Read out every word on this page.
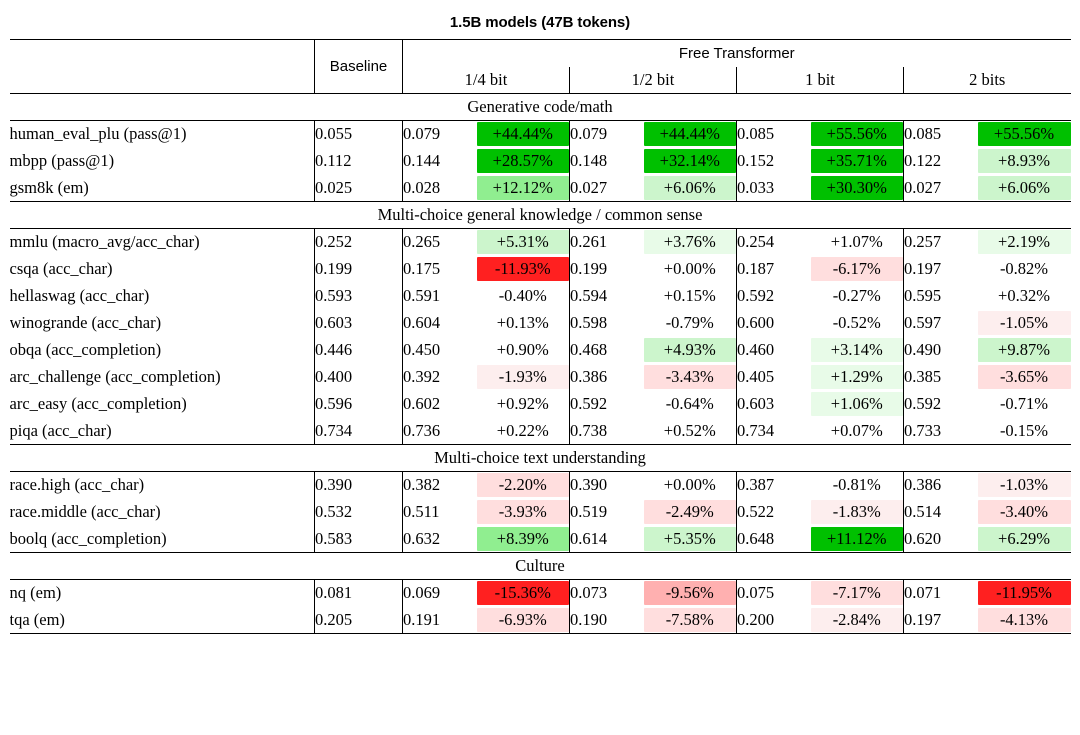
1.5B models (47B tokens)
	Baseline	Free Transformer							
		1/4 bit		1/2 bit		1 bit		2 bits	
Generative code/math									
human_eval_plu (pass@1)	0.055	0.079	+44.44%	0.079	+44.44%	0.085	+55.56%	0.085	+55.56%

mbpp (pass@1)	0.112	0.144	+28.57%	0.148	+32.14%	0.152	+35.71%	0.122	+8.93%

gsm8k (em)	0.025	0.028	+12.12%	0.027	+6.06%	0.033	+30.30%	0.027	+6.06%

Multi-choice general knowledge / common sense									
mmlu (macro_avg/acc_char)	0.252	0.265	+5.31%	0.261	+3.76%	0.254	+1.07%	0.257	+2.19%

csqa (acc_char)	0.199	0.175	-11.93%	0.199	+0.00%	0.187	-6.17%	0.197	-0.82%

hellaswag (acc_char)	0.593	0.591	-0.40%	0.594	+0.15%	0.592	-0.27%	0.595	+0.32%

winogrande (acc_char)	0.603	0.604	+0.13%	0.598	-0.79%	0.600	-0.52%	0.597	-1.05%

obqa (acc_completion)	0.446	0.450	+0.90%	0.468	+4.93%	0.460	+3.14%	0.490	+9.87%

arc_challenge (acc_completion)	0.400	0.392	-1.93%	0.386	-3.43%	0.405	+1.29%	0.385	-3.65%

arc_easy (acc_completion)	0.596	0.602	+0.92%	0.592	-0.64%	0.603	+1.06%	0.592	-0.71%

piqa (acc_char)	0.734	0.736	+0.22%	0.738	+0.52%	0.734	+0.07%	0.733	-0.15%

Multi-choice text understanding									
race.high (acc_char)	0.390	0.382	-2.20%	0.390	+0.00%	0.387	-0.81%	0.386	-1.03%

race.middle (acc_char)	0.532	0.511	-3.93%	0.519	-2.49%	0.522	-1.83%	0.514	-3.40%

boolq (acc_completion)	0.583	0.632	+8.39%	0.614	+5.35%	0.648	+11.12%	0.620	+6.29%

Culture									
nq (em)	0.081	0.069	-15.36%	0.073	-9.56%	0.075	-7.17%	0.071	-11.95%

tqa (em)	0.205	0.191	-6.93%	0.190	-7.58%	0.200	-2.84%	0.197	-4.13%
